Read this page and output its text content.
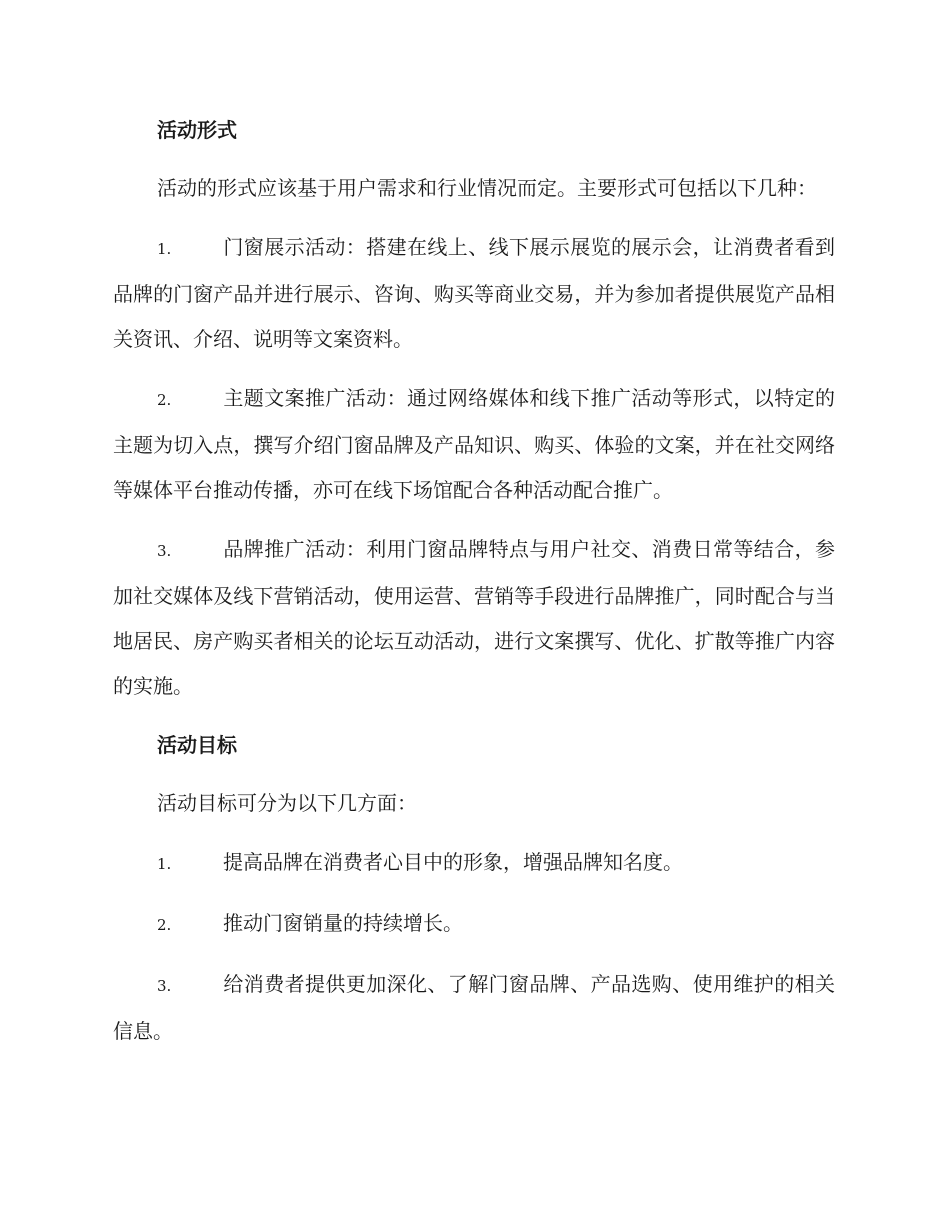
活动形式
活动的形式应该基于用户需求和行业情况而定。主要形式可包括以下几种：
1.	门窗展示活动：搭建在线上、线下展示展览的展示会，让消费者看到品牌的门窗产品并进行展示、咨询、购买等商业交易，并为参加者提供展览产品相关资讯、介绍、说明等文案资料。
2.	主题文案推广活动：通过网络媒体和线下推广活动等形式，以特定的主题为切入点，撰写介绍门窗品牌及产品知识、购买、体验的文案，并在社交网络等媒体平台推动传播，亦可在线下场馆配合各种活动配合推广。
3.	品牌推广活动：利用门窗品牌特点与用户社交、消费日常等结合，参加社交媒体及线下营销活动，使用运营、营销等手段进行品牌推广，同时配合与当地居民、房产购买者相关的论坛互动活动，进行文案撰写、优化、扩散等推广内容的实施。
活动目标
活动目标可分为以下几方面：
1.	提高品牌在消费者心目中的形象，增强品牌知名度。
2.	推动门窗销量的持续增长。
3.	给消费者提供更加深化、了解门窗品牌、产品选购、使用维护的相关信息。
